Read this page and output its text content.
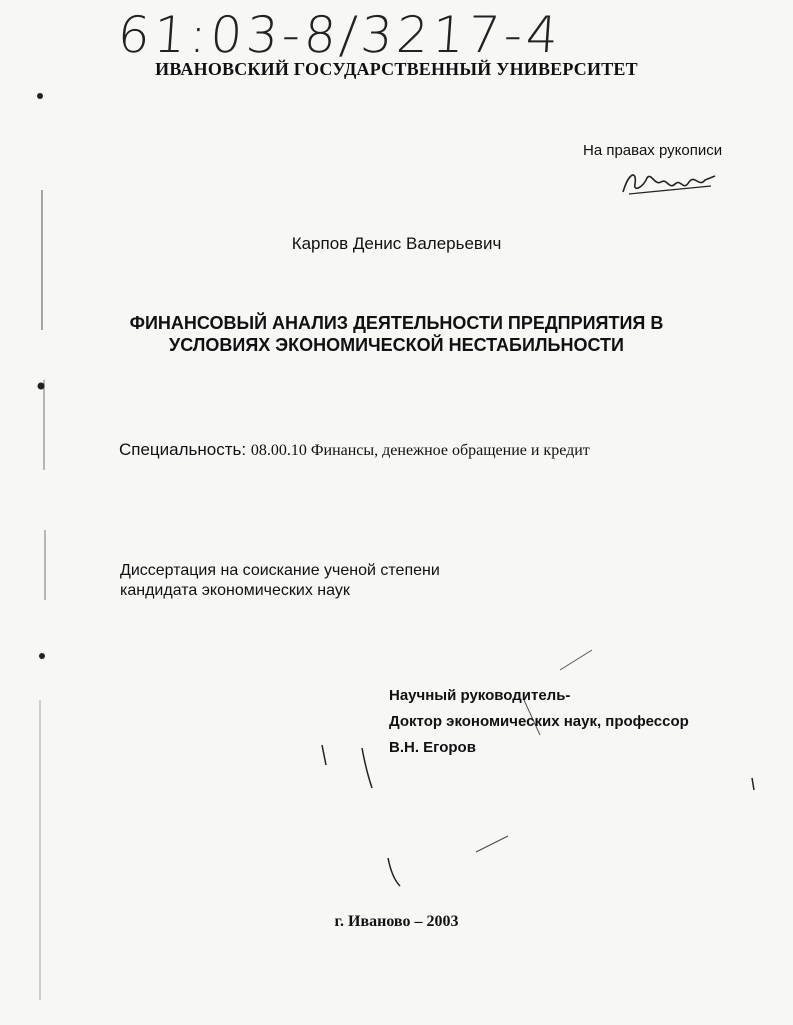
61:03-8/3217-4
ИВАНОВСКИЙ ГОСУДАРСТВЕННЫЙ УНИВЕРСИТЕТ
На правах рукописи
Карпов Денис Валерьевич
ФИНАНСОВЫЙ АНАЛИЗ ДЕЯТЕЛЬНОСТИ ПРЕДПРИЯТИЯ В
УСЛОВИЯХ ЭКОНОМИЧЕСКОЙ НЕСТАБИЛЬНОСТИ
Специальность: 08.00.10 Финансы, денежное обращение и кредит
Диссертация на соискание ученой степени
кандидата экономических наук
Научный руководитель-
Доктор экономических наук, профессор
В.Н. Егоров
г. Иваново – 2003
